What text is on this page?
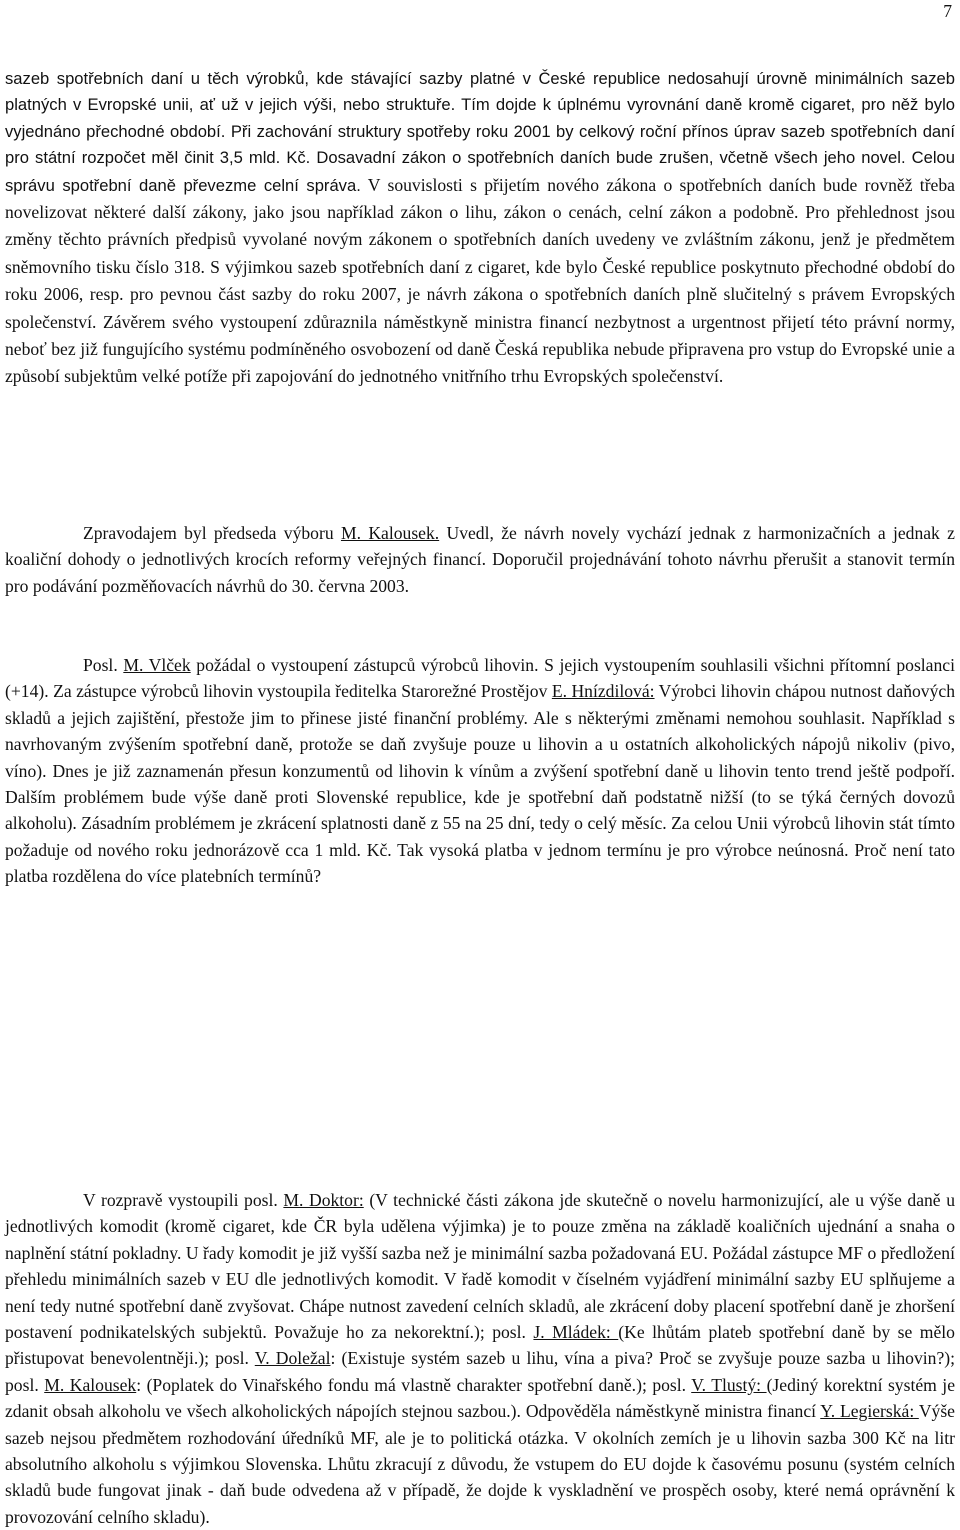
7

sazeb spotřebních daní u těch výrobků, kde stávající sazby platné v České republice nedosahují úrovně minimálních sazeb platných v Evropské unii, ať už v jejich výši, nebo struktuře. Tím dojde k úplnému vyrovnání daně kromě cigaret, pro něž bylo vyjednáno přechodné období. Při zachování struktury spotřeby roku 2001 by celkový roční přínos úprav sazeb spotřebních daní pro státní rozpočet měl činit 3,5 mld. Kč. Dosavadní zákon o spotřebních daních bude zrušen, včetně všech jeho novel. Celou správu spotřební daně převezme celní správa. V souvislosti s přijetím nového zákona o spotřebních daních bude rovněž třeba novelizovat některé další zákony, jako jsou například zákon o lihu, zákon o cenách, celní zákon a podobně. Pro přehlednost jsou změny těchto právních předpisů vyvolané novým zákonem o spotřebních daních uvedeny ve zvláštním zákonu, jenž je předmětem sněmovního tisku číslo 318. S výjimkou sazeb spotřebních daní z cigaret, kde bylo České republice poskytnuto přechodné období do roku 2006, resp. pro pevnou část sazby do roku 2007, je návrh zákona o spotřebních daních plně slučitelný s právem Evropských společenství. Závěrem svého vystoupení zdůraznila náměstkyně ministra financí nezbytnost a urgentnost přijetí této právní normy, neboť bez již fungujícího systému podmíněného osvobození od daně Česká republika nebude připravena pro vstup do Evropské unie a způsobí subjektům velké potíže při zapojování do jednotného vnitřního trhu Evropských společenství.

Zpravodajem byl předseda výboru M. Kalousek. Uvedl, že návrh novely vychází jednak z harmonizačních a jednak z koaliční dohody o jednotlivých krocích reformy veřejných financí. Doporučil projednávání tohoto návrhu přerušit a stanovit termín pro podávání pozměňovacích návrhů do 30. června 2003.

Posl. M. Vlček požádal o vystoupení zástupců výrobců lihovin. S jejich vystoupením souhlasili všichni přítomní poslanci (+14). Za zástupce výrobců lihovin vystoupila ředitelka Starorežné Prostějov E. Hnízdilová: Výrobci lihovin chápou nutnost daňových skladů a jejich zajištění, přestože jim to přinese jisté finanční problémy. Ale s některými změnami nemohou souhlasit. Například s navrhovaným zvýšením spotřební daně, protože se daň zvyšuje pouze u lihovin a u ostatních alkoholických nápojů nikoliv (pivo, víno). Dnes je již zaznamenán přesun konzumentů od lihovin k vínům a zvýšení spotřební daně u lihovin tento trend ještě podpoří. Dalším problémem bude výše daně proti Slovenské republice, kde je spotřební daň podstatně nižší (to se týká černých dovozů alkoholu). Zásadním problémem je zkrácení splatnosti daně z 55 na 25 dní, tedy o celý měsíc. Za celou Unii výrobců lihovin stát tímto požaduje od nového roku jednorázově cca 1 mld. Kč. Tak vysoká platba v jednom termínu je pro výrobce neúnosná. Proč není tato platba rozdělena do více platebních termínů?

V rozpravě vystoupili posl. M. Doktor: (V technické části zákona jde skutečně o novelu harmonizující, ale u výše daně u jednotlivých komodit (kromě cigaret, kde ČR byla udělena výjimka) je to pouze změna na základě koaličních ujednání a snaha o naplnění státní pokladny. U řady komodit je již vyšší sazba než je minimální sazba požadovaná EU. Požádal zástupce MF o předložení přehledu minimálních sazeb v EU dle jednotlivých komodit. V řadě komodit v číselném vyjádření minimální sazby EU splňujeme a není tedy nutné spotřební daně zvyšovat. Chápe nutnost zavedení celních skladů, ale zkrácení doby placení spotřební daně je zhoršení postavení podnikatelských subjektů. Považuje ho za nekorektní.); posl. J. Mládek: (Ke lhůtám plateb spotřební daně by se mělo přistupovat benevolentněji.); posl. V. Doležal: (Existuje systém sazeb u lihu, vína a piva? Proč se zvyšuje pouze sazba u lihovin?); posl. M. Kalousek: (Poplatek do Vinařského fondu má vlastně charakter spotřební daně.); posl. V. Tlustý: (Jediný korektní systém je zdanit obsah alkoholu ve všech alkoholických nápojích stejnou sazbou.). Odpověděla náměstkyně ministra financí Y. Legierská: Výše sazeb nejsou předmětem rozhodování úředníků MF, ale je to politická otázka. V okolních zemích je u lihovin sazba 300 Kč na litr absolutního alkoholu s výjimkou Slovenska. Lhůtu zkracují z důvodu, že vstupem do EU dojde k časovému posunu (systém celních skladů bude fungovat jinak - daň bude odvedena až v případě, že dojde k vyskladnění ve prospěch osoby, které nemá oprávnění k provozování celního skladu).
